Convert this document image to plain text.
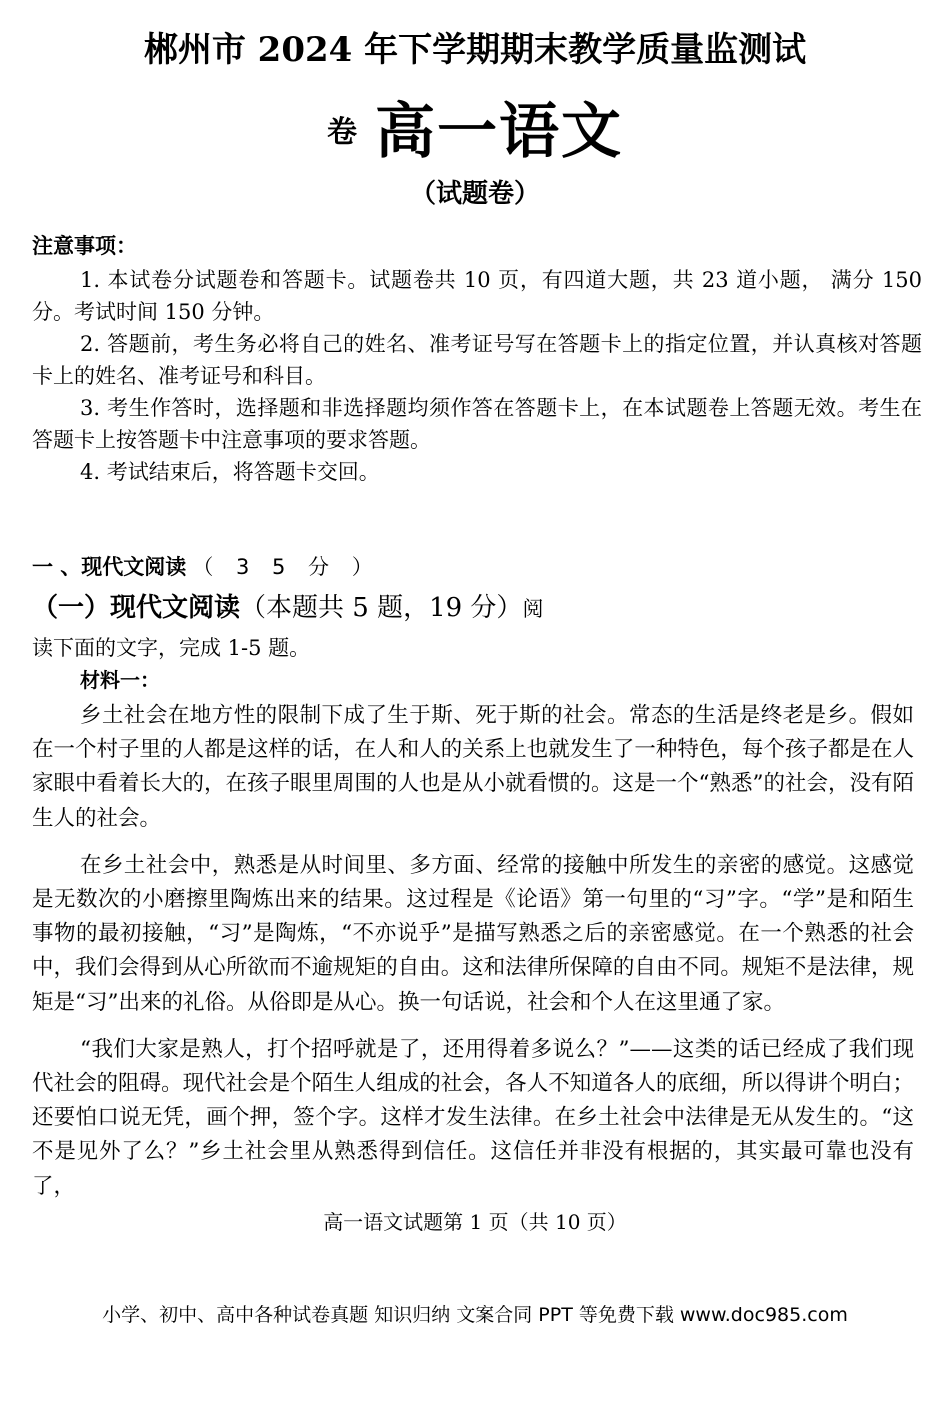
郴州市 2024 年下学期期末教学质量监测试
卷 高一语文
（试题卷）
注意事项：

1. 本试卷分试题卷和答题卡。试题卷共 10 页，有四道大题，共 23 道小题， 满分 150 分。考试时间 150 分钟。

2. 答题前，考生务必将自己的姓名、准考证号写在答题卡上的指定位置，并认真核对答题卡上的姓名、准考证号和科目。

3. 考生作答时，选择题和非选择题均须作答在答题卡上，在本试题卷上答题无效。考生在答题卡上按答题卡中注意事项的要求答题。

4. 考试结束后，将答题卡交回。

一 、现代文阅读 （ 3 5 分 ）
（一）现代文阅读（本题共 5 题，19 分）阅读下面的文字，完成 1-5 题。
材料一：

乡土社会在地方性的限制下成了生于斯、死于斯的社会。常态的生活是终老是乡。假如在一个村子里的人都是这样的话，在人和人的关系上也就发生了一种特色，每个孩子都是在人家眼中看着长大的，在孩子眼里周围的人也是从小就看惯的。这是一个“熟悉”的社会，没有陌生人的社会。

在乡土社会中，熟悉是从时间里、多方面、经常的接触中所发生的亲密的感觉。这感觉是无数次的小磨擦里陶炼出来的结果。这过程是《论语》第一句里的“习”字。“学”是和陌生事物的最初接触，“习”是陶炼，“不亦说乎”是描写熟悉之后的亲密感觉。在一个熟悉的社会中，我们会得到从心所欲而不逾规矩的自由。这和法律所保障的自由不同。规矩不是法律，规矩是“习”出来的礼俗。从俗即是从心。换一句话说，社会和个人在这里通了家。

“我们大家是熟人，打个招呼就是了，还用得着多说么？”——这类的话已经成了我们现代社会的阻碍。现代社会是个陌生人组成的社会，各人不知道各人的底细，所以得讲个明白；还要怕口说无凭，画个押，签个字。这样才发生法律。在乡土社会中法律是无从发生的。“这不是见外了么？”乡土社会里从熟悉得到信任。这信任并非没有根据的，其实最可靠也没有了，

高一语文试题第 1 页（共 10 页）
小学、初中、高中各种试卷真题 知识归纳 文案合同 PPT 等免费下载 www.doc985.com
